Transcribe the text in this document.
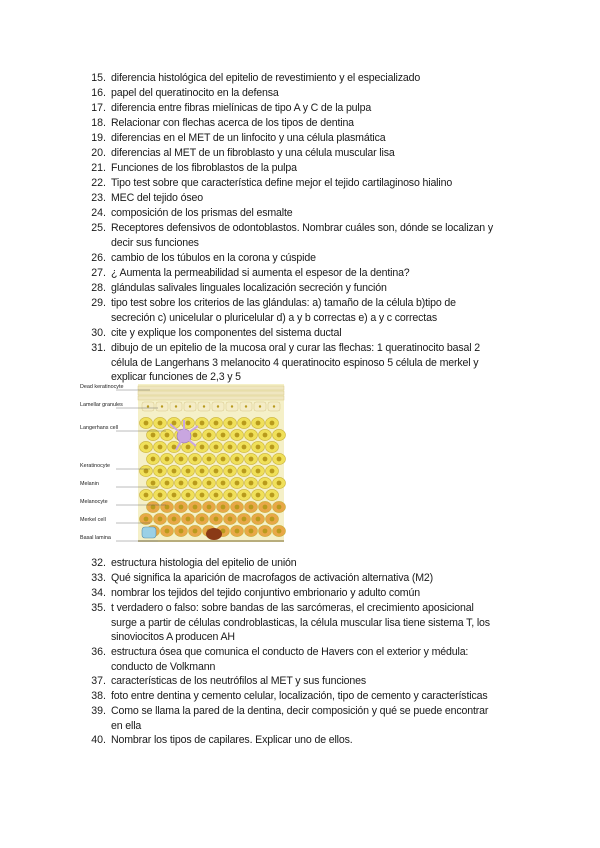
15. diferencia histológica del epitelio de revestimiento y el especializado
16. papel del queratinocito en la defensa
17. diferencia entre fibras mielínicas de tipo A y C de la pulpa
18. Relacionar con flechas acerca de los tipos de dentina
19. diferencias en el MET de un linfocito y una célula plasmática
20. diferencias al MET de un fibroblasto y una célula muscular lisa
21. Funciones de los fibroblastos de la pulpa
22. Tipo test sobre que característica define mejor el tejido cartilaginoso hialino
23. MEC del tejido óseo
24. composición de los prismas del esmalte
25. Receptores defensivos de odontoblastos. Nombrar cuáles son, dónde se localizan y
decir sus funciones
26. cambio de los túbulos en la corona y cúspide
27. ¿ Aumenta la permeabilidad si aumenta el espesor de la dentina?
28. glándulas salivales linguales localización secreción y función
29. tipo test sobre los criterios de las glándulas: a) tamaño de la célula b)tipo de
secreción c) unicelular o pluricelular d) a y b correctas e) a y c correctas
30. cite y explique los componentes del sistema ductal
31. dibujo de un epitelio de la mucosa oral y curar las flechas: 1 queratinocito basal 2
célula de Langerhans 3 melanocito 4 queratinocito espinoso 5 célula de merkel y
explicar funciones de 2,3 y 5
Dead keratinocyte
Lamellar granules
Langerhans cell
Keratinocyte
Melanin
Melanocyte
Merkel cell
Basal lamina
32. estructura histologia del epitelio de unión
33. Qué significa la aparición de macrofagos de activación alternativa (M2)
34. nombrar los tejidos del tejido conjuntivo embrionario y adulto común
35. t verdadero o falso: sobre bandas de las sarcómeras, el crecimiento aposicional
surge a partir de células condroblasticas, la célula muscular lisa tiene sistema T, los
sinoviocitos A producen AH
36. estructura ósea que comunica el conducto de Havers con el exterior y médula:
conducto de Volkmann
37. características de los neutrófilos al MET y sus funciones
38. foto entre dentina y cemento celular, localización, tipo de cemento y características
39. Como se llama la pared de la dentina, decir composición y qué se puede encontrar
en ella
40. Nombrar los tipos de capilares. Explicar uno de ellos.
